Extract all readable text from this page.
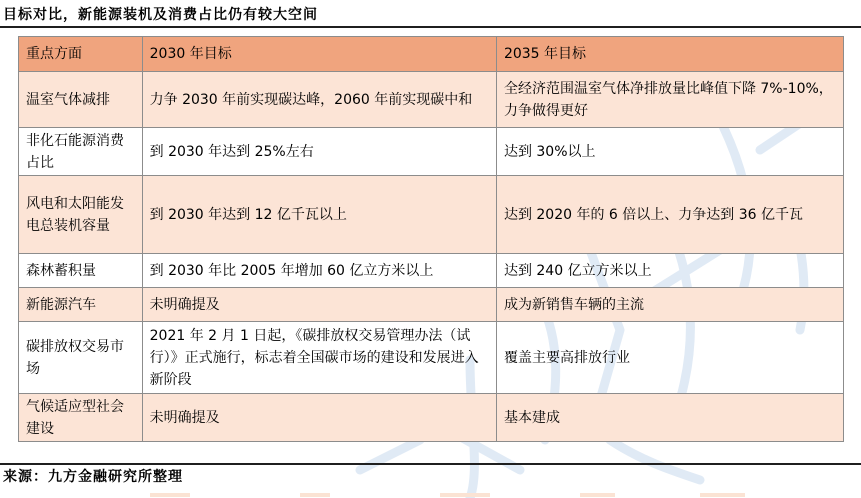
目标对比，新能源装机及消费占比仍有较大空间
重点方面	2030 年目标	2035 年目标
温室气体减排	力争 2030 年前实现碳达峰，2060 年前实现碳中和	全经济范围温室气体净排放量比峰值下降 7%-10%，力争做得更好
非化石能源消费占比	到 2030 年达到 25%左右	达到 30%以上
风电和太阳能发电总装机容量	到 2030 年达到 12 亿千瓦以上	达到 2020 年的 6 倍以上、力争达到 36 亿千瓦
森林蓄积量	到 2030 年比 2005 年增加 60 亿立方米以上	达到 240 亿立方米以上
新能源汽车	未明确提及	成为新销售车辆的主流
碳排放权交易市场	2021 年 2 月 1 日起，《碳排放权交易管理办法（试行）》正式施行，标志着全国碳市场的建设和发展进入新阶段	覆盖主要高排放行业
气候适应型社会建设	未明确提及	基本建成
来源：九方金融研究所整理
